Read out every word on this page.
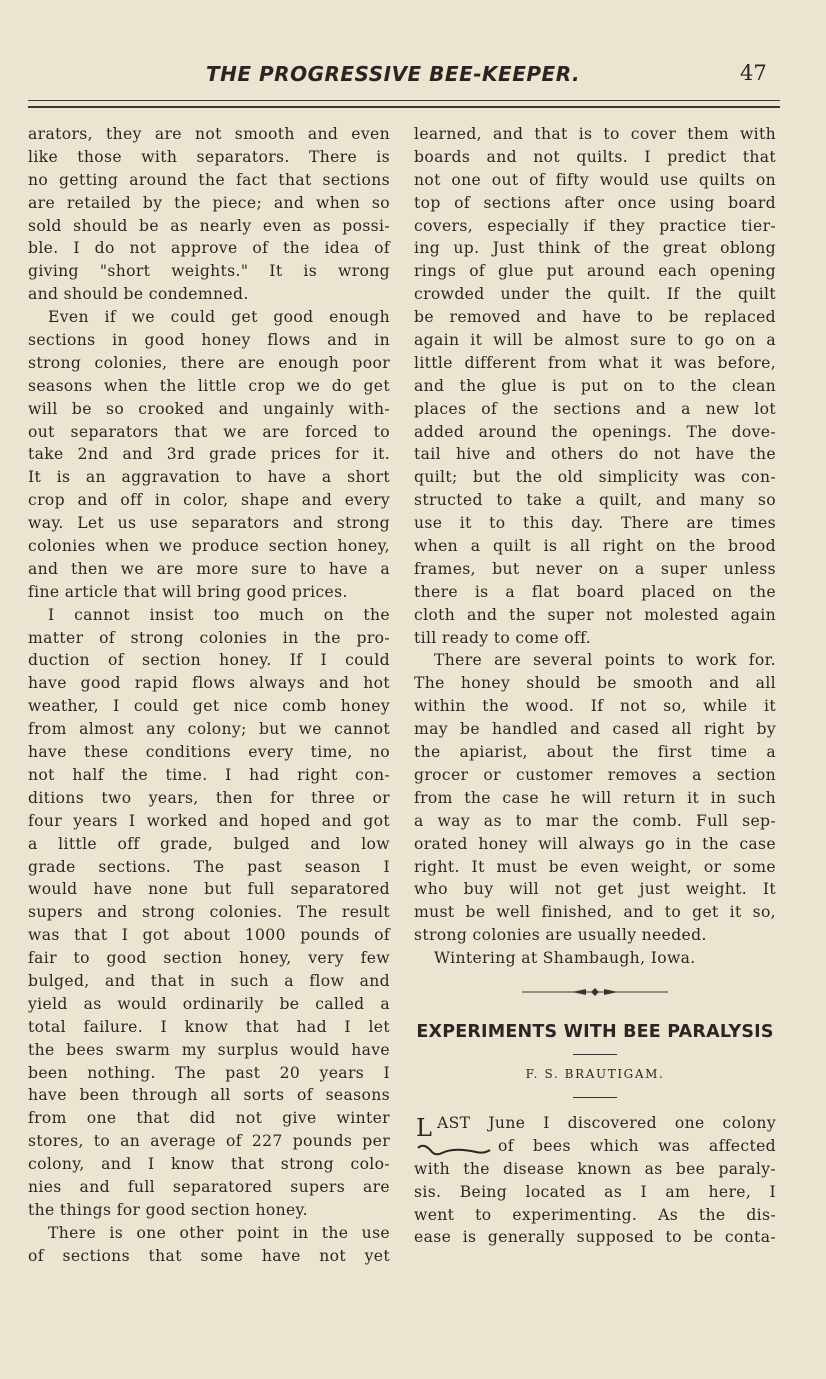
THE PROGRESSIVE BEE-KEEPER.	47
arators, they are not smooth and even
like those with separators. There is
no getting around the fact that sections
are retailed by the piece; and when so
sold should be as nearly even as possi-
ble. I do not approve of the idea of
giving "short weights." It is wrong
and should be condemned.
Even if we could get good enough
sections in good honey flows and in
strong colonies, there are enough poor
seasons when the little crop we do get
will be so crooked and ungainly with-
out separators that we are forced to
take 2nd and 3rd grade prices for it.
It is an aggravation to have a short
crop and off in color, shape and every
way. Let us use separators and strong
colonies when we produce section honey,
and then we are more sure to have a
fine article that will bring good prices.
I cannot insist too much on the
matter of strong colonies in the pro-
duction of section honey. If I could
have good rapid flows always and hot
weather, I could get nice comb honey
from almost any colony; but we cannot
have these conditions every time, no
not half the time. I had right con-
ditions two years, then for three or
four years I worked and hoped and got
a little off grade, bulged and low
grade sections. The past season I
would have none but full separatored
supers and strong colonies. The result
was that I got about 1000 pounds of
fair to good section honey, very few
bulged, and that in such a flow and
yield as would ordinarily be called a
total failure. I know that had I let
the bees swarm my surplus would have
been nothing. The past 20 years I
have been through all sorts of seasons
from one that did not give winter
stores, to an average of 227 pounds per
colony, and I know that strong colo-
nies and full separatored supers are
the things for good section honey.
There is one other point in the use
of sections that some have not yet
learned, and that is to cover them with
boards and not quilts. I predict that
not one out of fifty would use quilts on
top of sections after once using board
covers, especially if they practice tier-
ing up. Just think of the great oblong
rings of glue put around each opening
crowded under the quilt. If the quilt
be removed and have to be replaced
again it will be almost sure to go on a
little different from what it was before,
and the glue is put on to the clean
places of the sections and a new lot
added around the openings. The dove-
tail hive and others do not have the
quilt; but the old simplicity was con-
structed to take a quilt, and many so
use it to this day. There are times
when a quilt is all right on the brood
frames, but never on a super unless
there is a flat board placed on the
cloth and the super not molested again
till ready to come off.
There are several points to work for.
The honey should be smooth and all
within the wood. If not so, while it
may be handled and cased all right by
the apiarist, about the first time a
grocer or customer removes a section
from the case he will return it in such
a way as to mar the comb. Full sep-
orated honey will always go in the case
right. It must be even weight, or some
who buy will not get just weight. It
must be well finished, and to get it so,
strong colonies are usually needed.
Wintering at Shambaugh, Iowa.
EXPERIMENTS WITH BEE PARALYSIS
F. S. BRAUTIGAM.
L AST June I discovered one colony
of bees which was affected
with the disease known as bee paraly-
sis. Being located as I am here, I
went to experimenting. As the dis-
ease is generally supposed to be conta-
